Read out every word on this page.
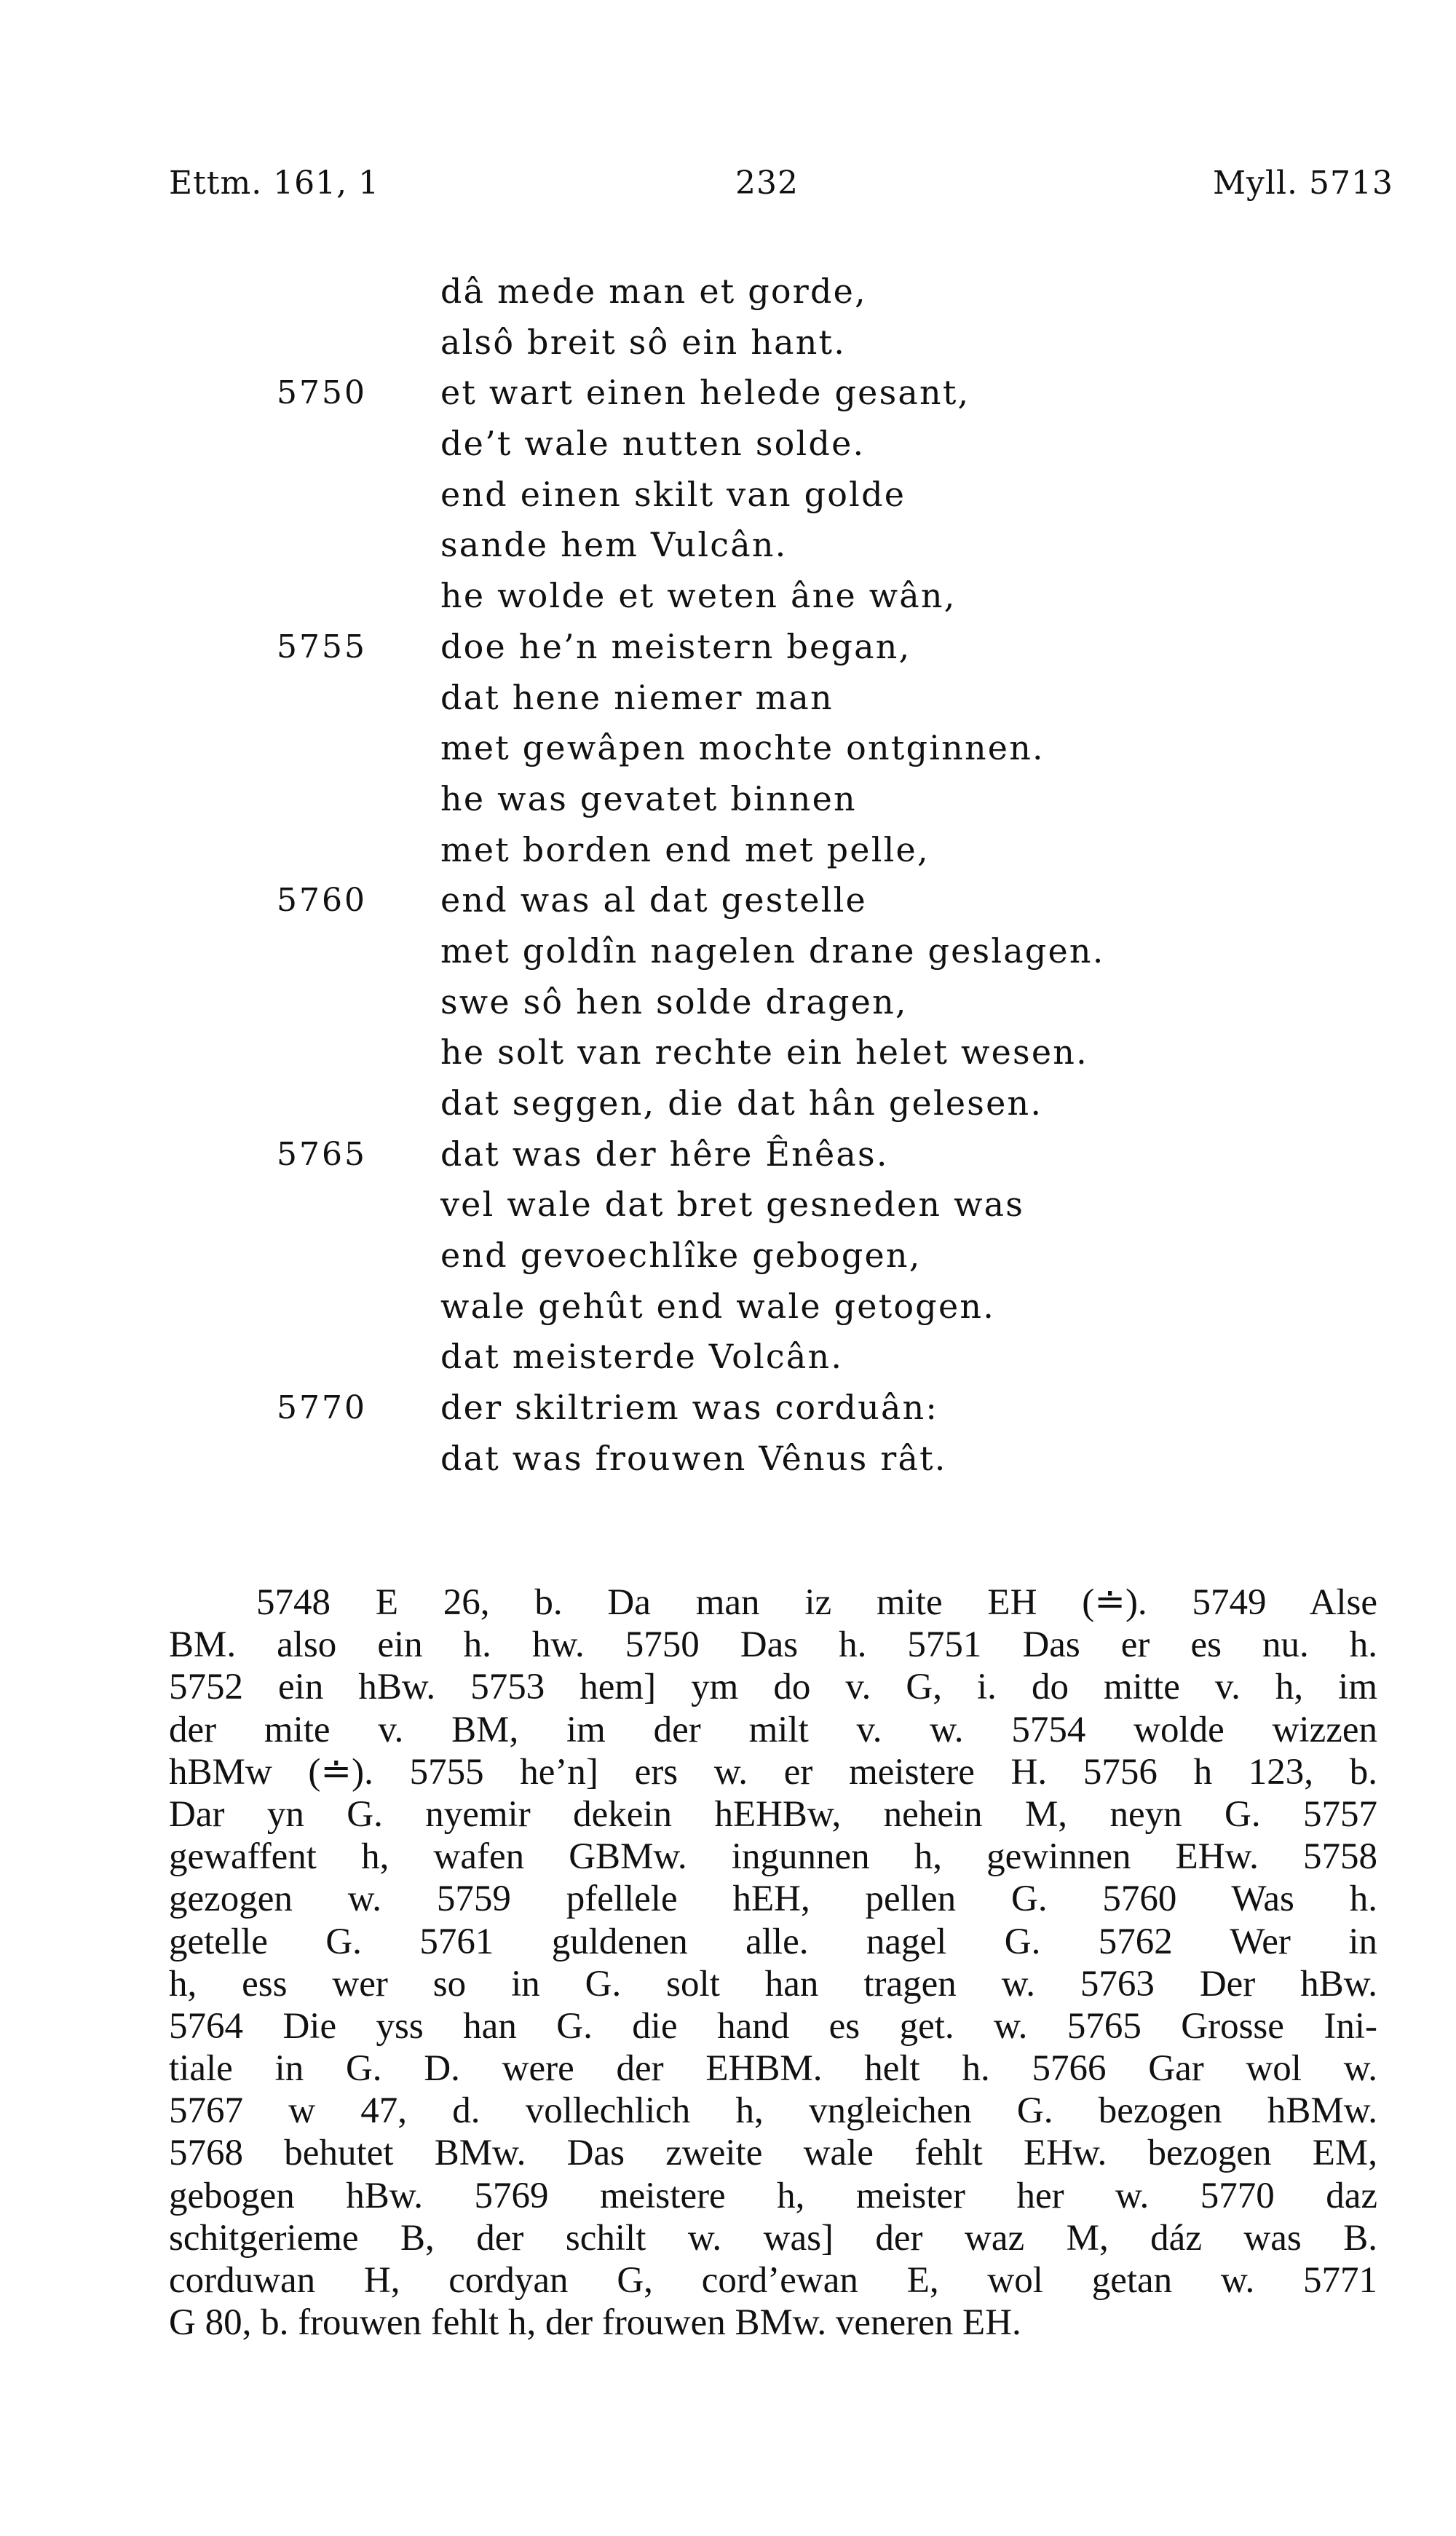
Ettm. 161, 1	232	Myll. 5713
dâ mede man et gorde,
alsô breit sô ein hant.
5750	et wart einen helede gesant,
de’t wale nutten solde.
end einen skilt van golde
sande hem Vulcân.
he wolde et weten âne wân,
5755	doe he’n meistern began,
dat hene niemer man
met gewâpen mochte ontginnen.
he was gevatet binnen
met borden end met pelle,
5760	end was al dat gestelle
met goldîn nagelen drane geslagen.
swe sô hen solde dragen,
he solt van rechte ein helet wesen.
dat seggen, die dat hân gelesen.
5765	dat was der hêre Ênêas.
vel wale dat bret gesneden was
end gevoechlîke gebogen,
wale gehût end wale getogen.
dat meisterde Volcân.
5770	der skiltriem was corduân:
dat was frouwen Vênus rât.
5748 E 26, b. Da man iz mite EH (≐). 5749 Alse
BM. also ein h. hw. 5750 Das h. 5751 Das er es nu. h.
5752 ein hBw. 5753 hem] ym do v. G, i. do mitte v. h, im
der mite v. BM, im der milt v. w. 5754 wolde wizzen
hBMw (≐). 5755 he’n] ers w. er meistere H. 5756 h 123, b.
Dar yn G. nyemir dekein hEHBw, nehein M, neyn G. 5757
gewaffent h, wafen GBMw. ingunnen h, gewinnen EHw. 5758
gezogen w. 5759 pfellele hEH, pellen G. 5760 Was h.
getelle G. 5761 guldenen alle. nagel G. 5762 Wer in
h, ess wer so in G. solt han tragen w. 5763 Der hBw.
5764 Die yss han G. die hand es get. w. 5765 Grosse Ini-
tiale in G. D. were der EHBM. helt h. 5766 Gar wol w.
5767 w 47, d. vollechlich h, vngleichen G. bezogen hBMw.
5768 behutet BMw. Das zweite wale fehlt EHw. bezogen EM,
gebogen hBw. 5769 meistere h, meister her w. 5770 daz
schitgerieme B, der schilt w. was] der waz M, dáz was B.
corduwan H, cordyan G, cord’ewan E, wol getan w. 5771
G 80, b. frouwen fehlt h, der frouwen BMw. veneren EH.
